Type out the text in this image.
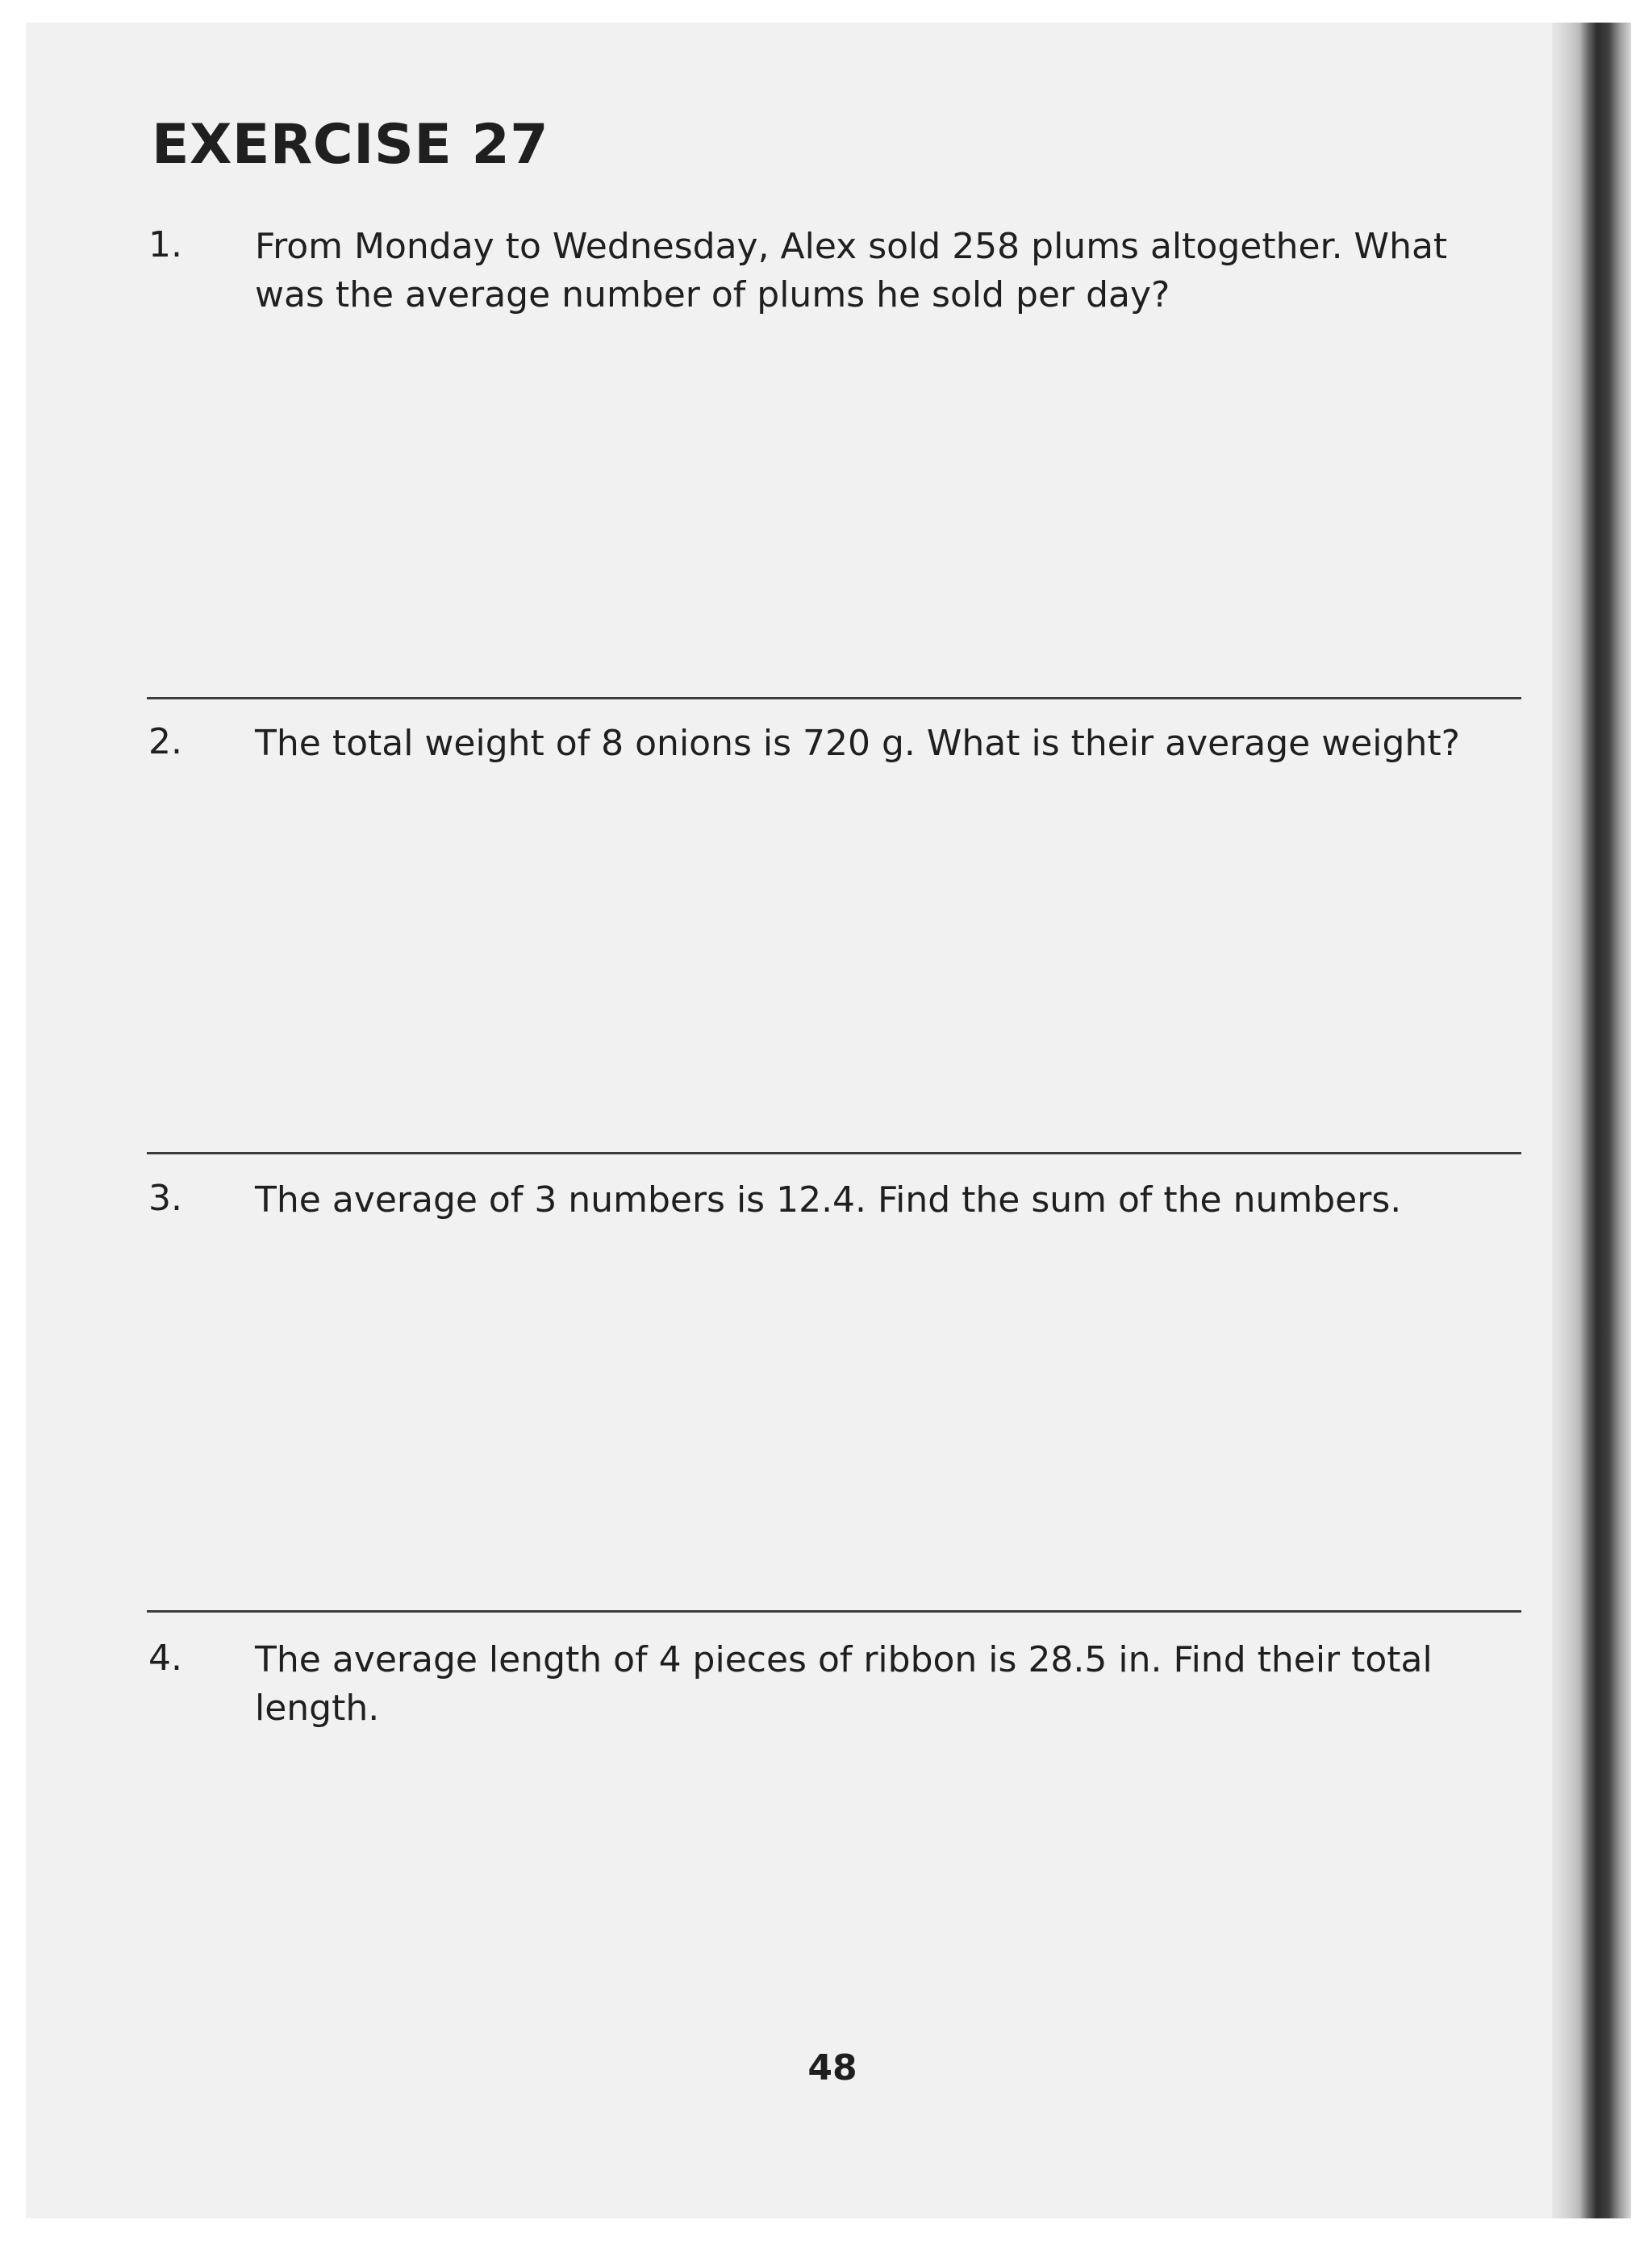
EXERCISE 27

1. From Monday to Wednesday, Alex sold 258 plums altogether. What was the average number of plums he sold per day?

2. The total weight of 8 onions is 720 g. What is their average weight?

3. The average of 3 numbers is 12.4. Find the sum of the numbers.

4. The average length of 4 pieces of ribbon is 28.5 in. Find their total length.

48
